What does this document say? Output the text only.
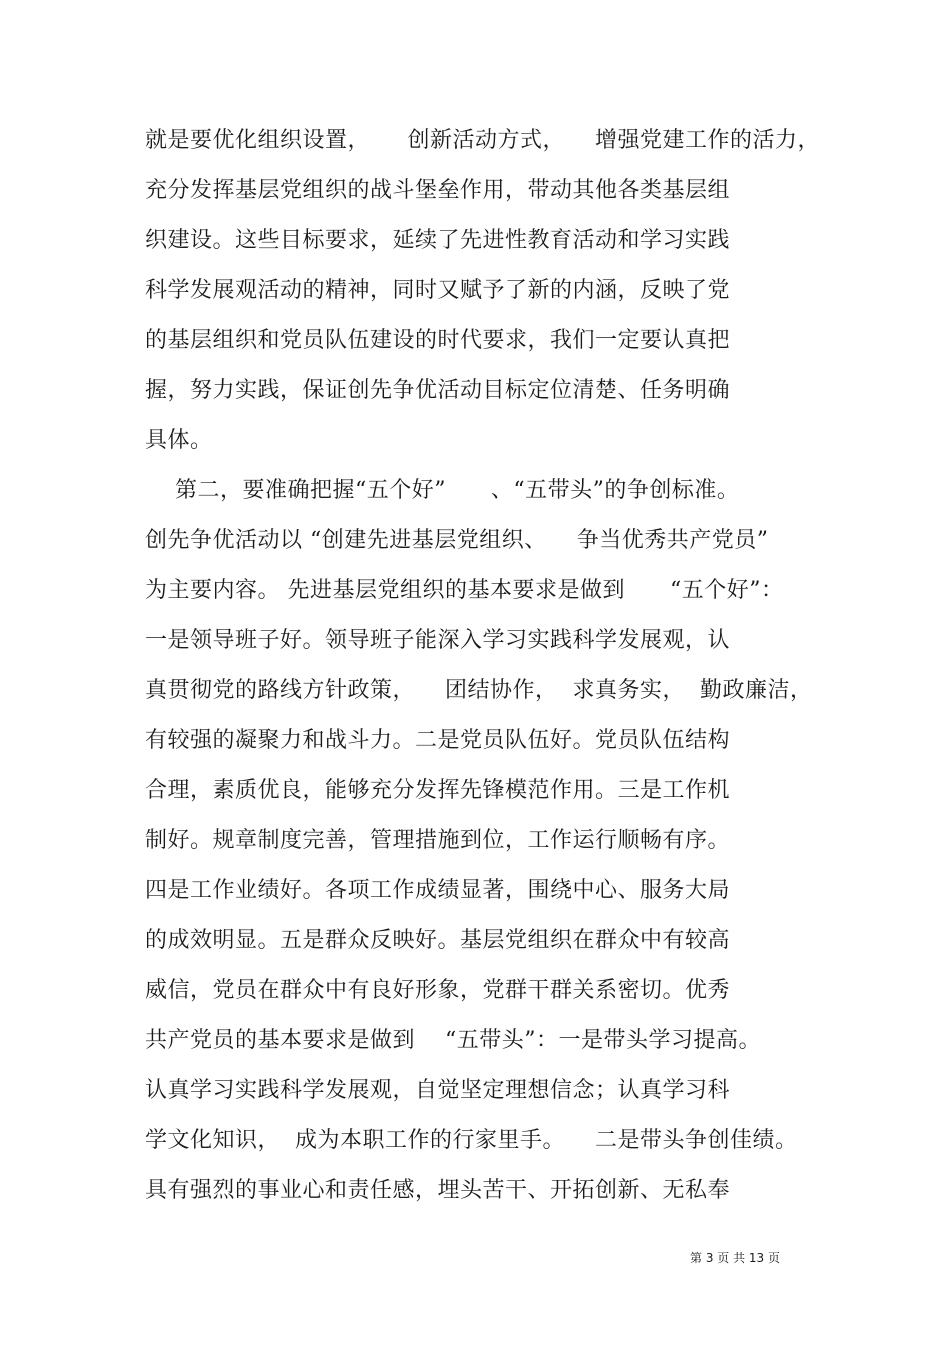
就是要优化组织设置，     创新活动方式，    增强党建工作的活力，
充分发挥基层党组织的战斗堡垒作用，带动其他各类基层组
织建设。这些目标要求，延续了先进性教育活动和学习实践
科学发展观活动的精神，同时又赋予了新的内涵，反映了党
的基层组织和党员队伍建设的时代要求，我们一定要认真把
握，努力实践，保证创先争优活动目标定位清楚、任务明确
具体。
第二，要准确把握“五个好”      、“五带头”的争创标准。
创先争优活动以 “创建先进基层党组织、    争当优秀共产党员”
为主要内容。 先进基层党组织的基本要求是做到      “五个好”：
一是领导班子好。领导班子能深入学习实践科学发展观，认
真贯彻党的路线方针政策，    团结协作，  求真务实，  勤政廉洁，
有较强的凝聚力和战斗力。二是党员队伍好。党员队伍结构
合理，素质优良，能够充分发挥先锋模范作用。三是工作机
制好。规章制度完善，管理措施到位，工作运行顺畅有序。
四是工作业绩好。各项工作成绩显著，围绕中心、服务大局
的成效明显。五是群众反映好。基层党组织在群众中有较高
威信，党员在群众中有良好形象，党群干群关系密切。优秀
共产党员的基本要求是做到    “五带头”：一是带头学习提高。
认真学习实践科学发展观，自觉坚定理想信念；认真学习科
学文化知识，  成为本职工作的行家里手。    二是带头争创佳绩。
具有强烈的事业心和责任感，埋头苦干、开拓创新、无私奉
第 3 页 共 13 页
